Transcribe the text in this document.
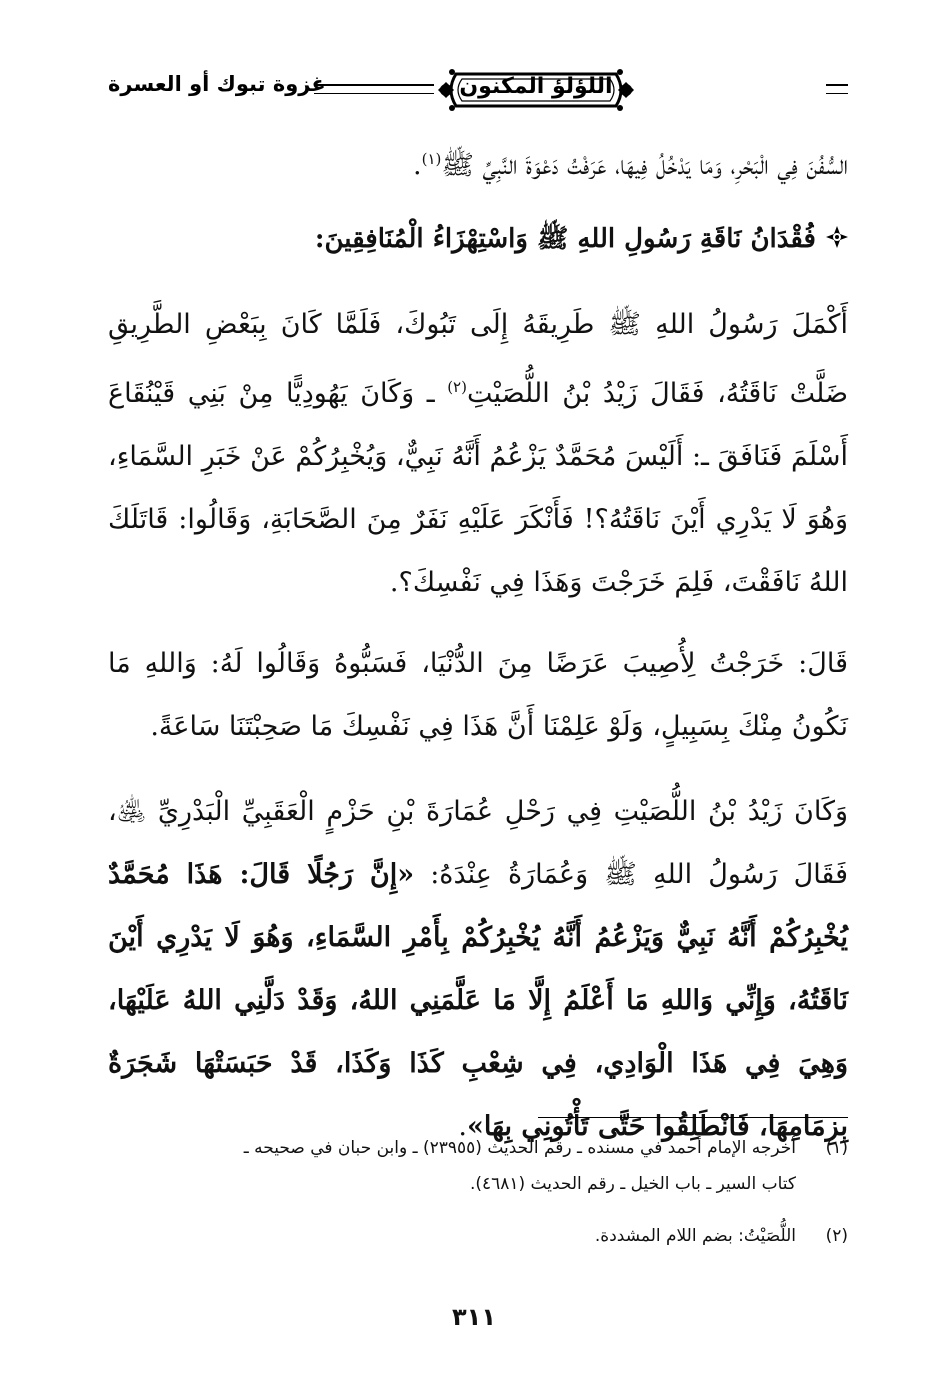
اللؤلؤ المكنون
غزوة تبوك أو العسرة
السُّفُنَ فِي الْبَحْرِ، وَمَا يَدْخُلُ فِيهَا، عَرَفْتُ دَعْوَةَ النَّبِيِّ ﷺ$^{(١)}$.
فُقْدَانُ نَاقَةِ رَسُولِ اللهِ ﷺ وَاسْتِهْزَاءُ الْمُنَافِقِينَ:
أَكْمَلَ رَسُولُ اللهِ ﷺ طَرِيقَهُ إِلَى تَبُوكَ، فَلَمَّا كَانَ بِبَعْضِ الطَّرِيقِ ضَلَّتْ نَاقَتُهُ، فَقَالَ زَيْدُ بْنُ اللُّصَيْتِ$^{(٢)}$ ـ وَكَانَ يَهُودِيًّا مِنْ بَنِي قَيْنُقَاعَ أَسْلَمَ فَنَافَقَ ـ: أَلَيْسَ مُحَمَّدٌ يَزْعُمُ أَنَّهُ نَبِيٌّ، وَيُخْبِرُكُمْ عَنْ خَبَرِ السَّمَاءِ، وَهُوَ لَا يَدْرِي أَيْنَ نَاقَتُهُ؟! فَأَنْكَرَ عَلَيْهِ نَفَرٌ مِنَ الصَّحَابَةِ، وَقَالُوا: قَاتَلَكَ اللهُ نَافَقْتَ، فَلِمَ خَرَجْتَ وَهَذَا فِي نَفْسِكَ؟.
قَالَ: خَرَجْتُ لِأُصِيبَ عَرَضًا مِنَ الدُّنْيَا، فَسَبُّوهُ وَقَالُوا لَهُ: وَاللهِ مَا نَكُونُ مِنْكَ بِسَبِيلٍ، وَلَوْ عَلِمْنَا أَنَّ هَذَا فِي نَفْسِكَ مَا صَحِبْتَنَا سَاعَةً.
وَكَانَ زَيْدُ بْنُ اللُّصَيْتِ فِي رَحْلِ عُمَارَةَ بْنِ حَزْمٍ الْعَقَبِيِّ الْبَدْرِيِّ ﵁، فَقَالَ رَسُولُ اللهِ ﷺ وَعُمَارَةُ عِنْدَهُ: «إِنَّ رَجُلًا قَالَ: هَذَا مُحَمَّدٌ يُخْبِرُكُمْ أَنَّهُ نَبِيٌّ وَيَزْعُمُ أَنَّهُ يُخْبِرُكُمْ بِأَمْرِ السَّمَاءِ، وَهُوَ لَا يَدْرِي أَيْنَ نَاقَتُهُ، وَإِنِّي وَاللهِ مَا أَعْلَمُ إِلَّا مَا عَلَّمَنِي اللهُ، وَقَدْ دَلَّنِي اللهُ عَلَيْهَا، وَهِيَ فِي هَذَا الْوَادِي، فِي شِعْبِ كَذَا وَكَذَا، قَدْ حَبَسَتْهَا شَجَرَةٌ بِزِمَامِهَا، فَانْطَلِقُوا حَتَّى تَأْتُونِي بِهَا».
(١)أخرجه الإمام أحمد في مسنده ـ رقم الحديث (٢٣٩٥٥) ـ وابن حبان في صحيحه ـ
كتاب السير ـ باب الخيل ـ رقم الحديث (٤٦٨١).
(٢)اللُّصَيْتُ: بضم اللام المشددة.
٣١١
